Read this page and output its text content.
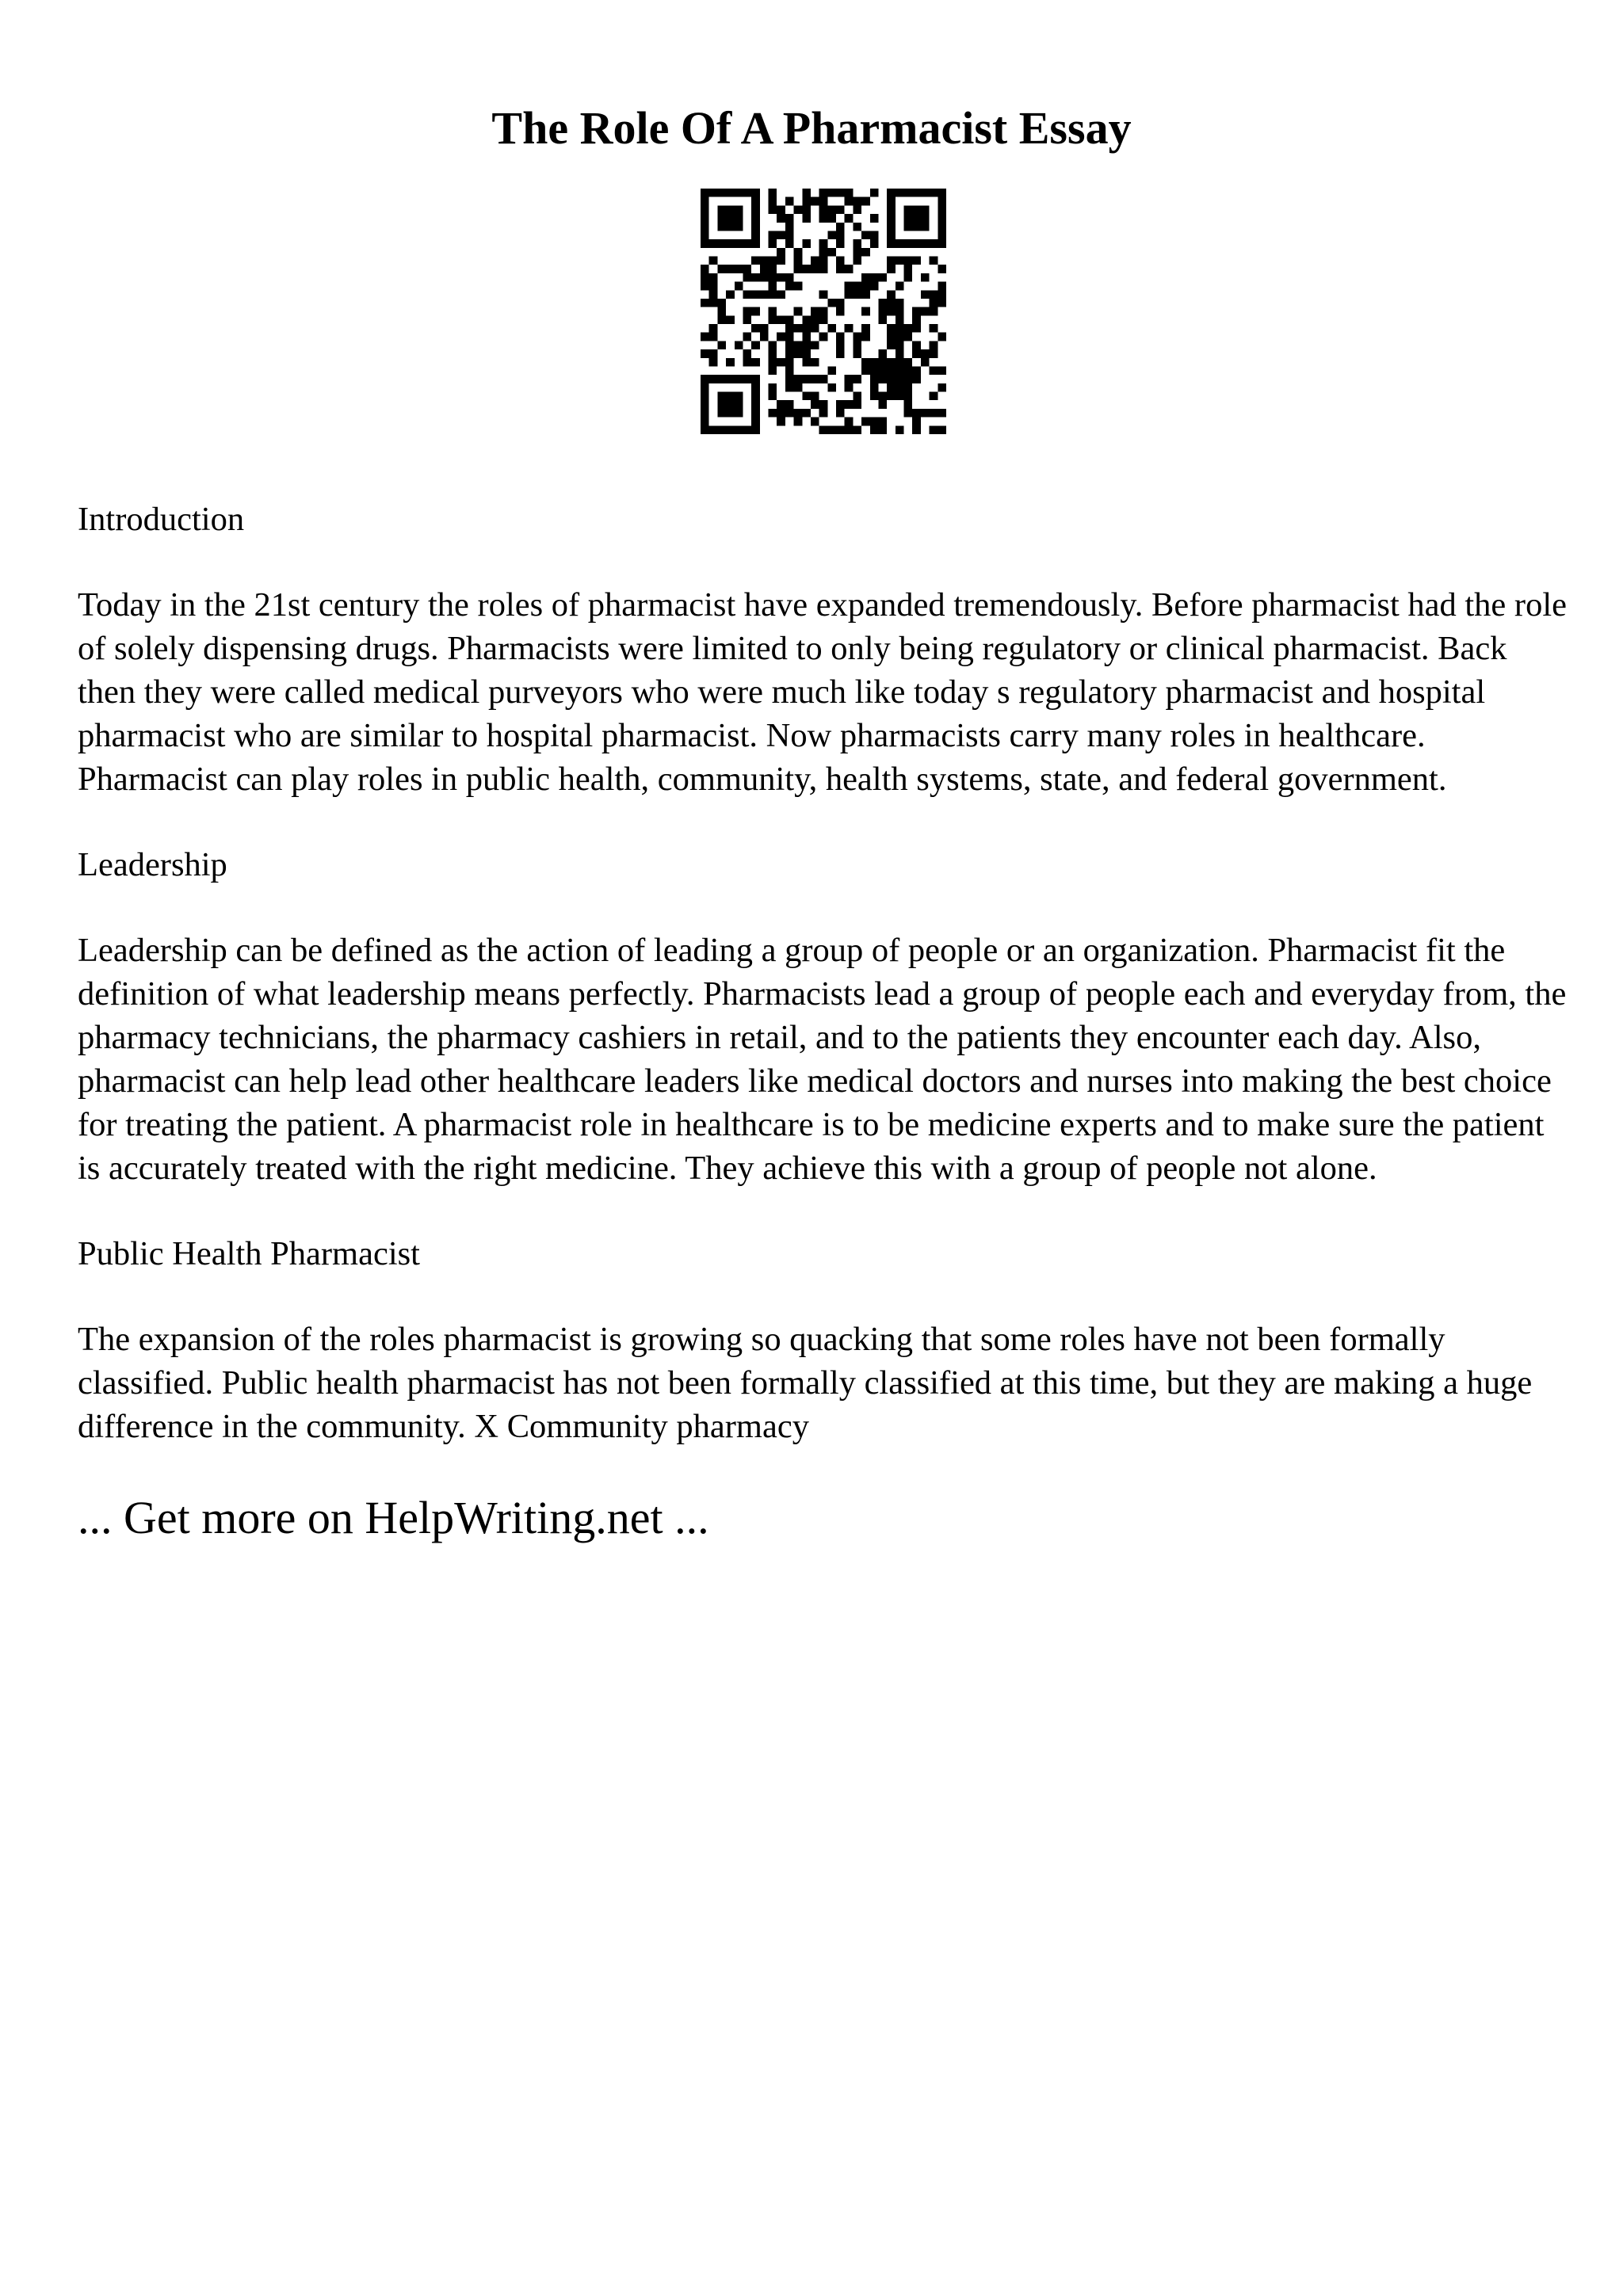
The Role Of A Pharmacist Essay

Introduction

Today in the 21st century the roles of pharmacist have expanded tremendously. Before pharmacist had the role of solely dispensing drugs. Pharmacists were limited to only being regulatory or clinical pharmacist. Back then they were called medical purveyors who were much like today s regulatory pharmacist and hospital pharmacist who are similar to hospital pharmacist. Now pharmacists carry many roles in healthcare. Pharmacist can play roles in public health, community, health systems, state, and federal government.

Leadership

Leadership can be defined as the action of leading a group of people or an organization. Pharmacist fit the definition of what leadership means perfectly. Pharmacists lead a group of people each and everyday from, the pharmacy technicians, the pharmacy cashiers in retail, and to the patients they encounter each day. Also, pharmacist can help lead other healthcare leaders like medical doctors and nurses into making the best choice for treating the patient. A pharmacist role in healthcare is to be medicine experts and to make sure the patient is accurately treated with the right medicine. They achieve this with a group of people not alone.

Public Health Pharmacist

The expansion of the roles pharmacist is growing so quacking that some roles have not been formally classified. Public health pharmacist has not been formally classified at this time, but they are making a huge difference in the community. X Community pharmacy

... Get more on HelpWriting.net ...
